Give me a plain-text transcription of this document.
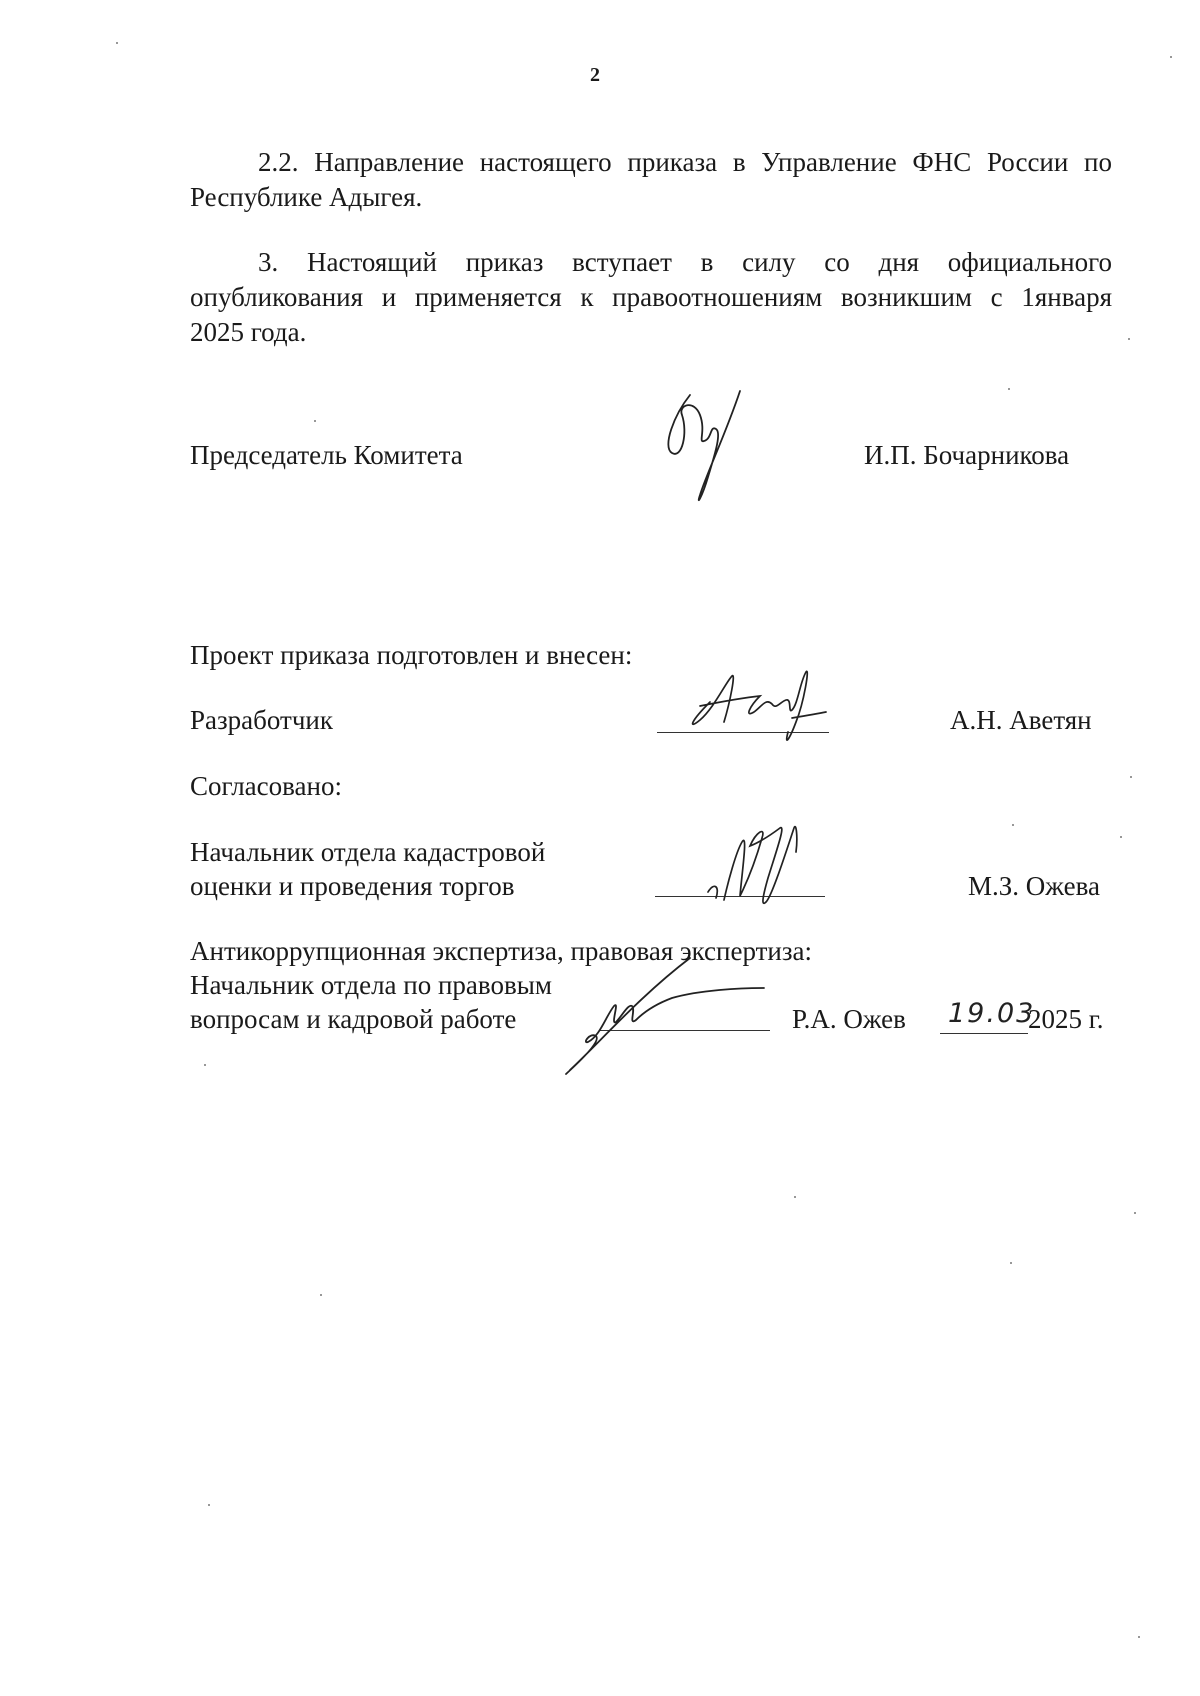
2
2.2. Направление настоящего приказа в Управление ФНС России по
Республике Адыгея.
3. Настоящий приказ вступает в силу со дня официального
опубликования и применяется к правоотношениям возникшим с 1января
2025 года.
Председатель Комитета	И.П. Бочарникова
Проект приказа подготовлен и внесен:
Разработчик	А.Н. Аветян
Согласовано:
Начальник отдела кадастровой
оценки и проведения торгов	М.З. Ожева
Антикоррупционная экспертиза, правовая экспертиза:
Начальник отдела по правовым
вопросам и кадровой работе	Р.А. Ожев 19.03
2025 г.
